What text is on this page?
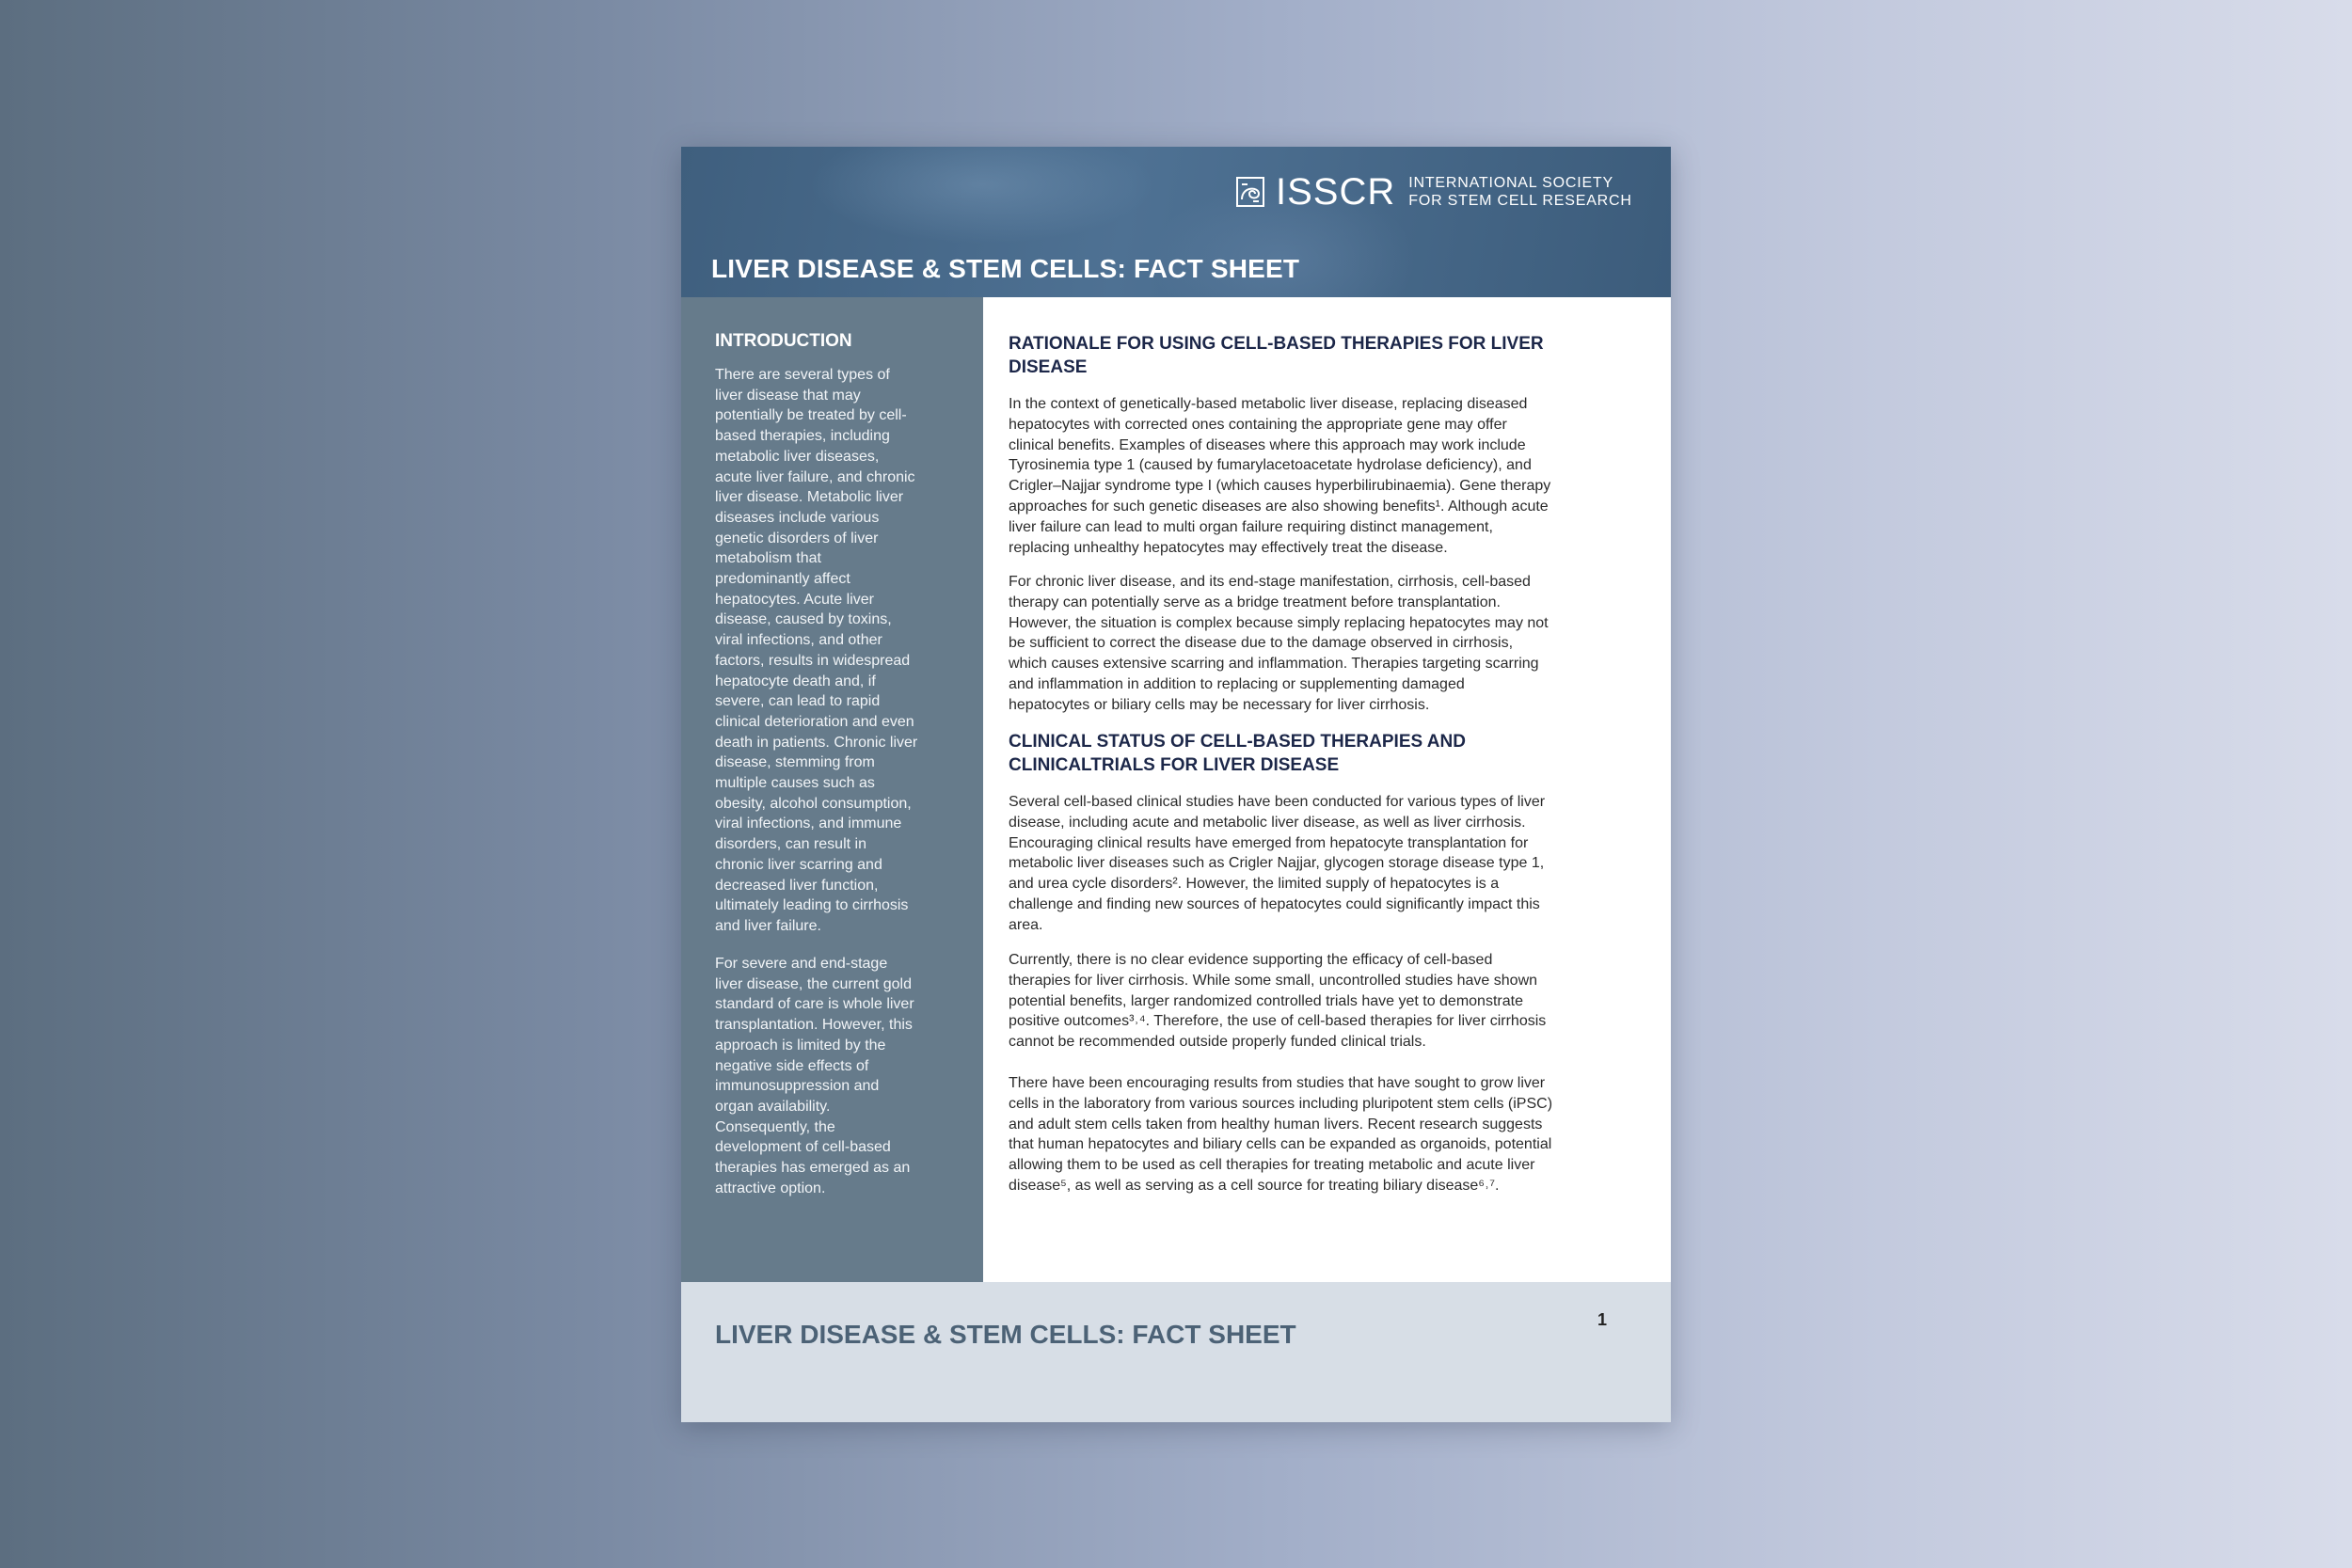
ISSCR INTERNATIONAL SOCIETY
FOR STEM CELL RESEARCH
LIVER DISEASE & STEM CELLS: FACT SHEET
INTRODUCTION

There are several types of
liver disease that may
potentially be treated by cell-
based therapies, including
metabolic liver diseases,
acute liver failure, and chronic
liver disease. Metabolic liver
diseases include various
genetic disorders of liver
metabolism that
predominantly affect
hepatocytes. Acute liver
disease, caused by toxins,
viral infections, and other
factors, results in widespread
hepatocyte death and, if
severe, can lead to rapid
clinical deterioration and even
death in patients. Chronic liver
disease, stemming from
multiple causes such as
obesity, alcohol consumption,
viral infections, and immune
disorders, can result in
chronic liver scarring and
decreased liver function,
ultimately leading to cirrhosis
and liver failure.

For severe and end-stage
liver disease, the current gold
standard of care is whole liver
transplantation. However, this
approach is limited by the
negative side effects of
immunosuppression and
organ availability.
Consequently, the
development of cell-based
therapies has emerged as an
attractive option.

RATIONALE FOR USING CELL-BASED THERAPIES FOR LIVER
DISEASE

In the context of genetically-based metabolic liver disease, replacing diseased
hepatocytes with corrected ones containing the appropriate gene may offer
clinical benefits. Examples of diseases where this approach may work include
Tyrosinemia type 1 (caused by fumarylacetoacetate hydrolase deficiency), and
Crigler–Najjar syndrome type I (which causes hyperbilirubinaemia). Gene therapy
approaches for such genetic diseases are also showing benefits¹. Although acute
liver failure can lead to multi organ failure requiring distinct management,
replacing unhealthy hepatocytes may effectively treat the disease.

For chronic liver disease, and its end-stage manifestation, cirrhosis, cell-based
therapy can potentially serve as a bridge treatment before transplantation.
However, the situation is complex because simply replacing hepatocytes may not
be sufficient to correct the disease due to the damage observed in cirrhosis,
which causes extensive scarring and inflammation. Therapies targeting scarring
and inflammation in addition to replacing or supplementing damaged
hepatocytes or biliary cells may be necessary for liver cirrhosis.

CLINICAL STATUS OF CELL-BASED THERAPIES AND
CLINICALTRIALS FOR LIVER DISEASE

Several cell-based clinical studies have been conducted for various types of liver
disease, including acute and metabolic liver disease, as well as liver cirrhosis.
Encouraging clinical results have emerged from hepatocyte transplantation for
metabolic liver diseases such as Crigler Najjar, glycogen storage disease type 1,
and urea cycle disorders². However, the limited supply of hepatocytes is a
challenge and finding new sources of hepatocytes could significantly impact this
area.

Currently, there is no clear evidence supporting the efficacy of cell-based
therapies for liver cirrhosis. While some small, uncontrolled studies have shown
potential benefits, larger randomized controlled trials have yet to demonstrate
positive outcomes³˒⁴. Therefore, the use of cell-based therapies for liver cirrhosis
cannot be recommended outside properly funded clinical trials.

There have been encouraging results from studies that have sought to grow liver
cells in the laboratory from various sources including pluripotent stem cells (iPSC)
and adult stem cells taken from healthy human livers. Recent research suggests
that human hepatocytes and biliary cells can be expanded as organoids, potential
allowing them to be used as cell therapies for treating metabolic and acute liver
disease⁵, as well as serving as a cell source for treating biliary disease⁶˒⁷.

LIVER DISEASE & STEM CELLS: FACT SHEET	1
